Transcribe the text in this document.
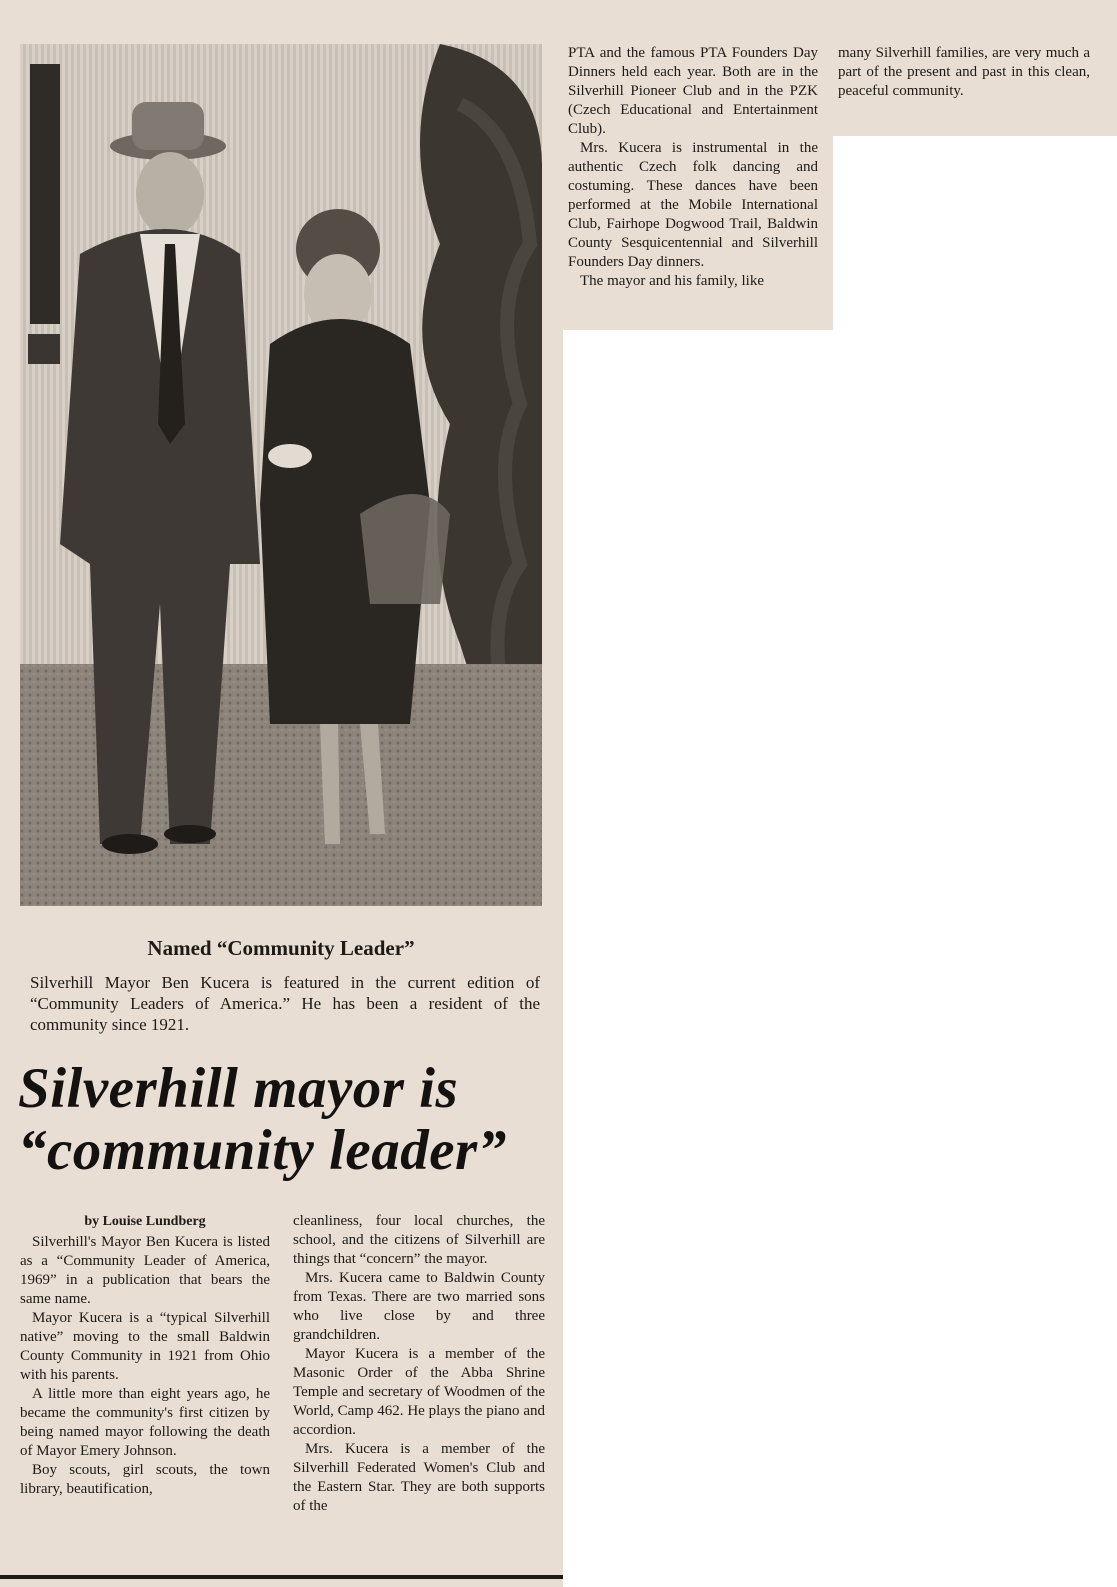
Named “Community Leader”
Silverhill Mayor Ben Kucera is featured in the current edition of “Community Leaders of America.” He has been a resident of the community since 1921.
Silverhill mayor is
“community leader”
by Louise Lundberg

Silverhill's Mayor Ben Kucera is listed as a “Community Leader of America, 1969” in a publication that bears the same name.

Mayor Kucera is a “typical Silverhill native” moving to the small Baldwin County Community in 1921 from Ohio with his parents.

A little more than eight years ago, he became the community's first citizen by being named mayor following the death of Mayor Emery Johnson.

Boy scouts, girl scouts, the town library, beautification,

cleanliness, four local churches, the school, and the citizens of Silverhill are things that “concern” the mayor.

Mrs. Kucera came to Baldwin County from Texas. There are two married sons who live close by and three grandchildren.

Mayor Kucera is a member of the Masonic Order of the Abba Shrine Temple and secretary of Woodmen of the World, Camp 462. He plays the piano and accordion.

Mrs. Kucera is a member of the Silverhill Federated Women's Club and the Eastern Star. They are both supports of the

PTA and the famous PTA Founders Day Dinners held each year. Both are in the Silverhill Pioneer Club and in the PZK (Czech Educational and Entertainment Club).

Mrs. Kucera is instrumental in the authentic Czech folk dancing and costuming. These dances have been performed at the Mobile International Club, Fairhope Dogwood Trail, Baldwin County Sesquicentennial and Silverhill Founders Day dinners.

The mayor and his family, like

many Silverhill families, are very much a part of the present and past in this clean, peaceful community.
